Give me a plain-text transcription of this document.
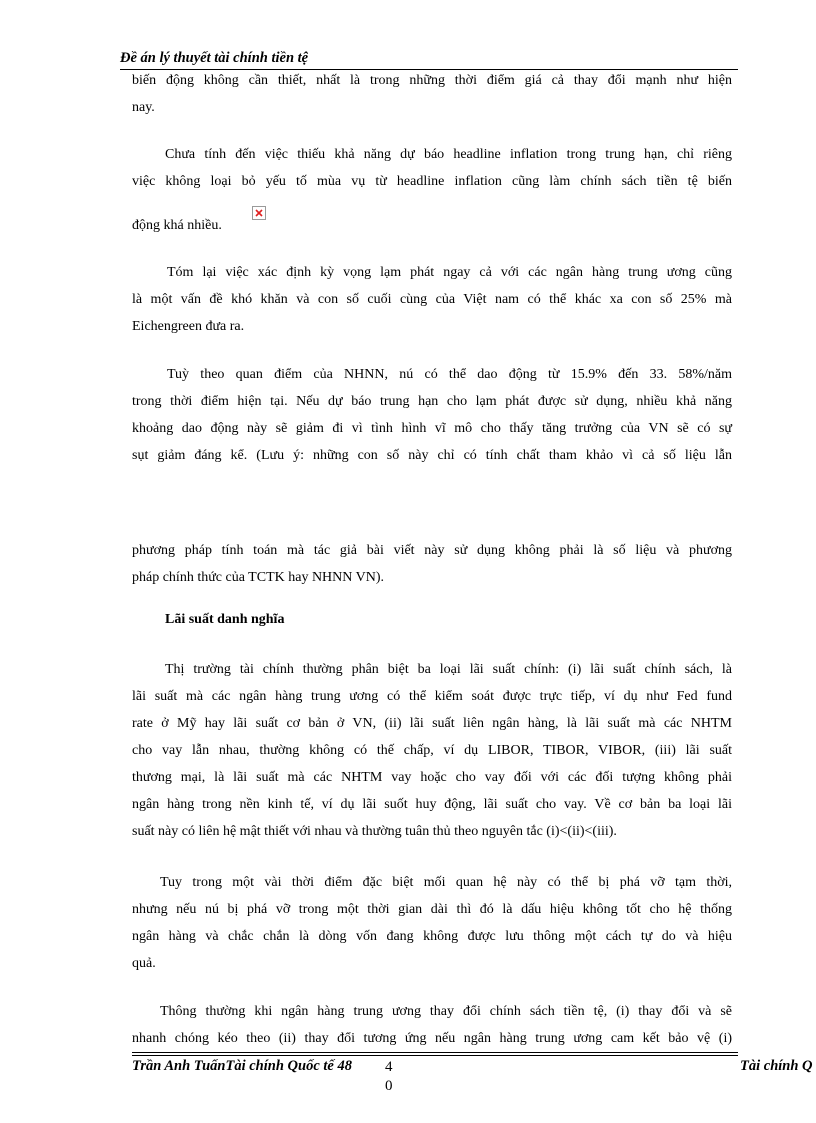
Đề án lý thuyết tài chính tiền tệ
biến động không cần thiết, nhất là trong những thời điểm giá cả thay đổi mạnh như hiện
nay.
Chưa tính đến việc thiếu khả năng dự báo headline inflation trong trung hạn, chỉ riêng
việc không loại bỏ yếu tố mùa vụ từ headline inflation cũng làm chính sách tiền tệ biến
động khá nhiều.
Tóm lại việc xác định kỳ vọng lạm phát ngay cả với các ngân hàng trung ương cũng
là một vấn đề khó khăn và con số cuối cùng của Việt nam có thể khác xa con số 25% mà
Eichengreen đưa ra.
Tuỳ theo quan điểm của NHNN, nú có thể dao động từ 15.9% đến 33. 58%/năm
trong thời điểm hiện tại. Nếu dự báo trung hạn cho lạm phát được sử dụng, nhiều khả năng
khoảng dao động này sẽ giảm đi vì tình hình vĩ mô cho thấy tăng trưởng của VN sẽ có sự
sụt giảm đáng kể. (Lưu ý: những con số này chỉ có tính chất tham khảo vì cả số liệu lẫn
phương pháp tính toán mà tác giả bài viết này sử dụng không phải là số liệu và phương
pháp chính thức của TCTK hay NHNN VN).
Lãi suất danh nghĩa
Thị trường tài chính thường phân biệt ba loại lãi suất chính: (i) lãi suất chính sách, là
lãi suất mà các ngân hàng trung ương có thể kiểm soát được trực tiếp, ví dụ như Fed fund
rate ở Mỹ hay lãi suất cơ bản ở VN, (ii) lãi suất liên ngân hàng, là lãi suất mà các NHTM
cho vay lẫn nhau, thường không có thế chấp, ví dụ LIBOR, TIBOR, VIBOR, (iii) lãi suất
thương mại, là lãi suất mà các NHTM vay hoặc cho vay đối với các đối tượng không phải
ngân hàng trong nền kinh tế, ví dụ lãi suốt huy động, lãi suất cho vay. Về cơ bản ba loại lãi
suất này có liên hệ mật thiết với nhau và thường tuân thủ theo nguyên tắc (i)<(ii)<(iii).
Tuy trong một vài thời điểm đặc biệt mối quan hệ này có thể bị phá vỡ tạm thời,
nhưng nếu nú bị phá vỡ trong một thời gian dài thì đó là dấu hiệu không tốt cho hệ thống
ngân hàng và chắc chắn là dòng vốn đang không được lưu thông một cách tự do và hiệu
quả.
Thông thường khi ngân hàng trung ương thay đổi chính sách tiền tệ, (i) thay đổi và sẽ
nhanh chóng kéo theo (ii) thay đổi tương ứng nếu ngân hàng trung ương cam kết bảo vệ (i)
Trần Anh TuấnTài chính Quốc tế 48 4
0
Tài chính Q
